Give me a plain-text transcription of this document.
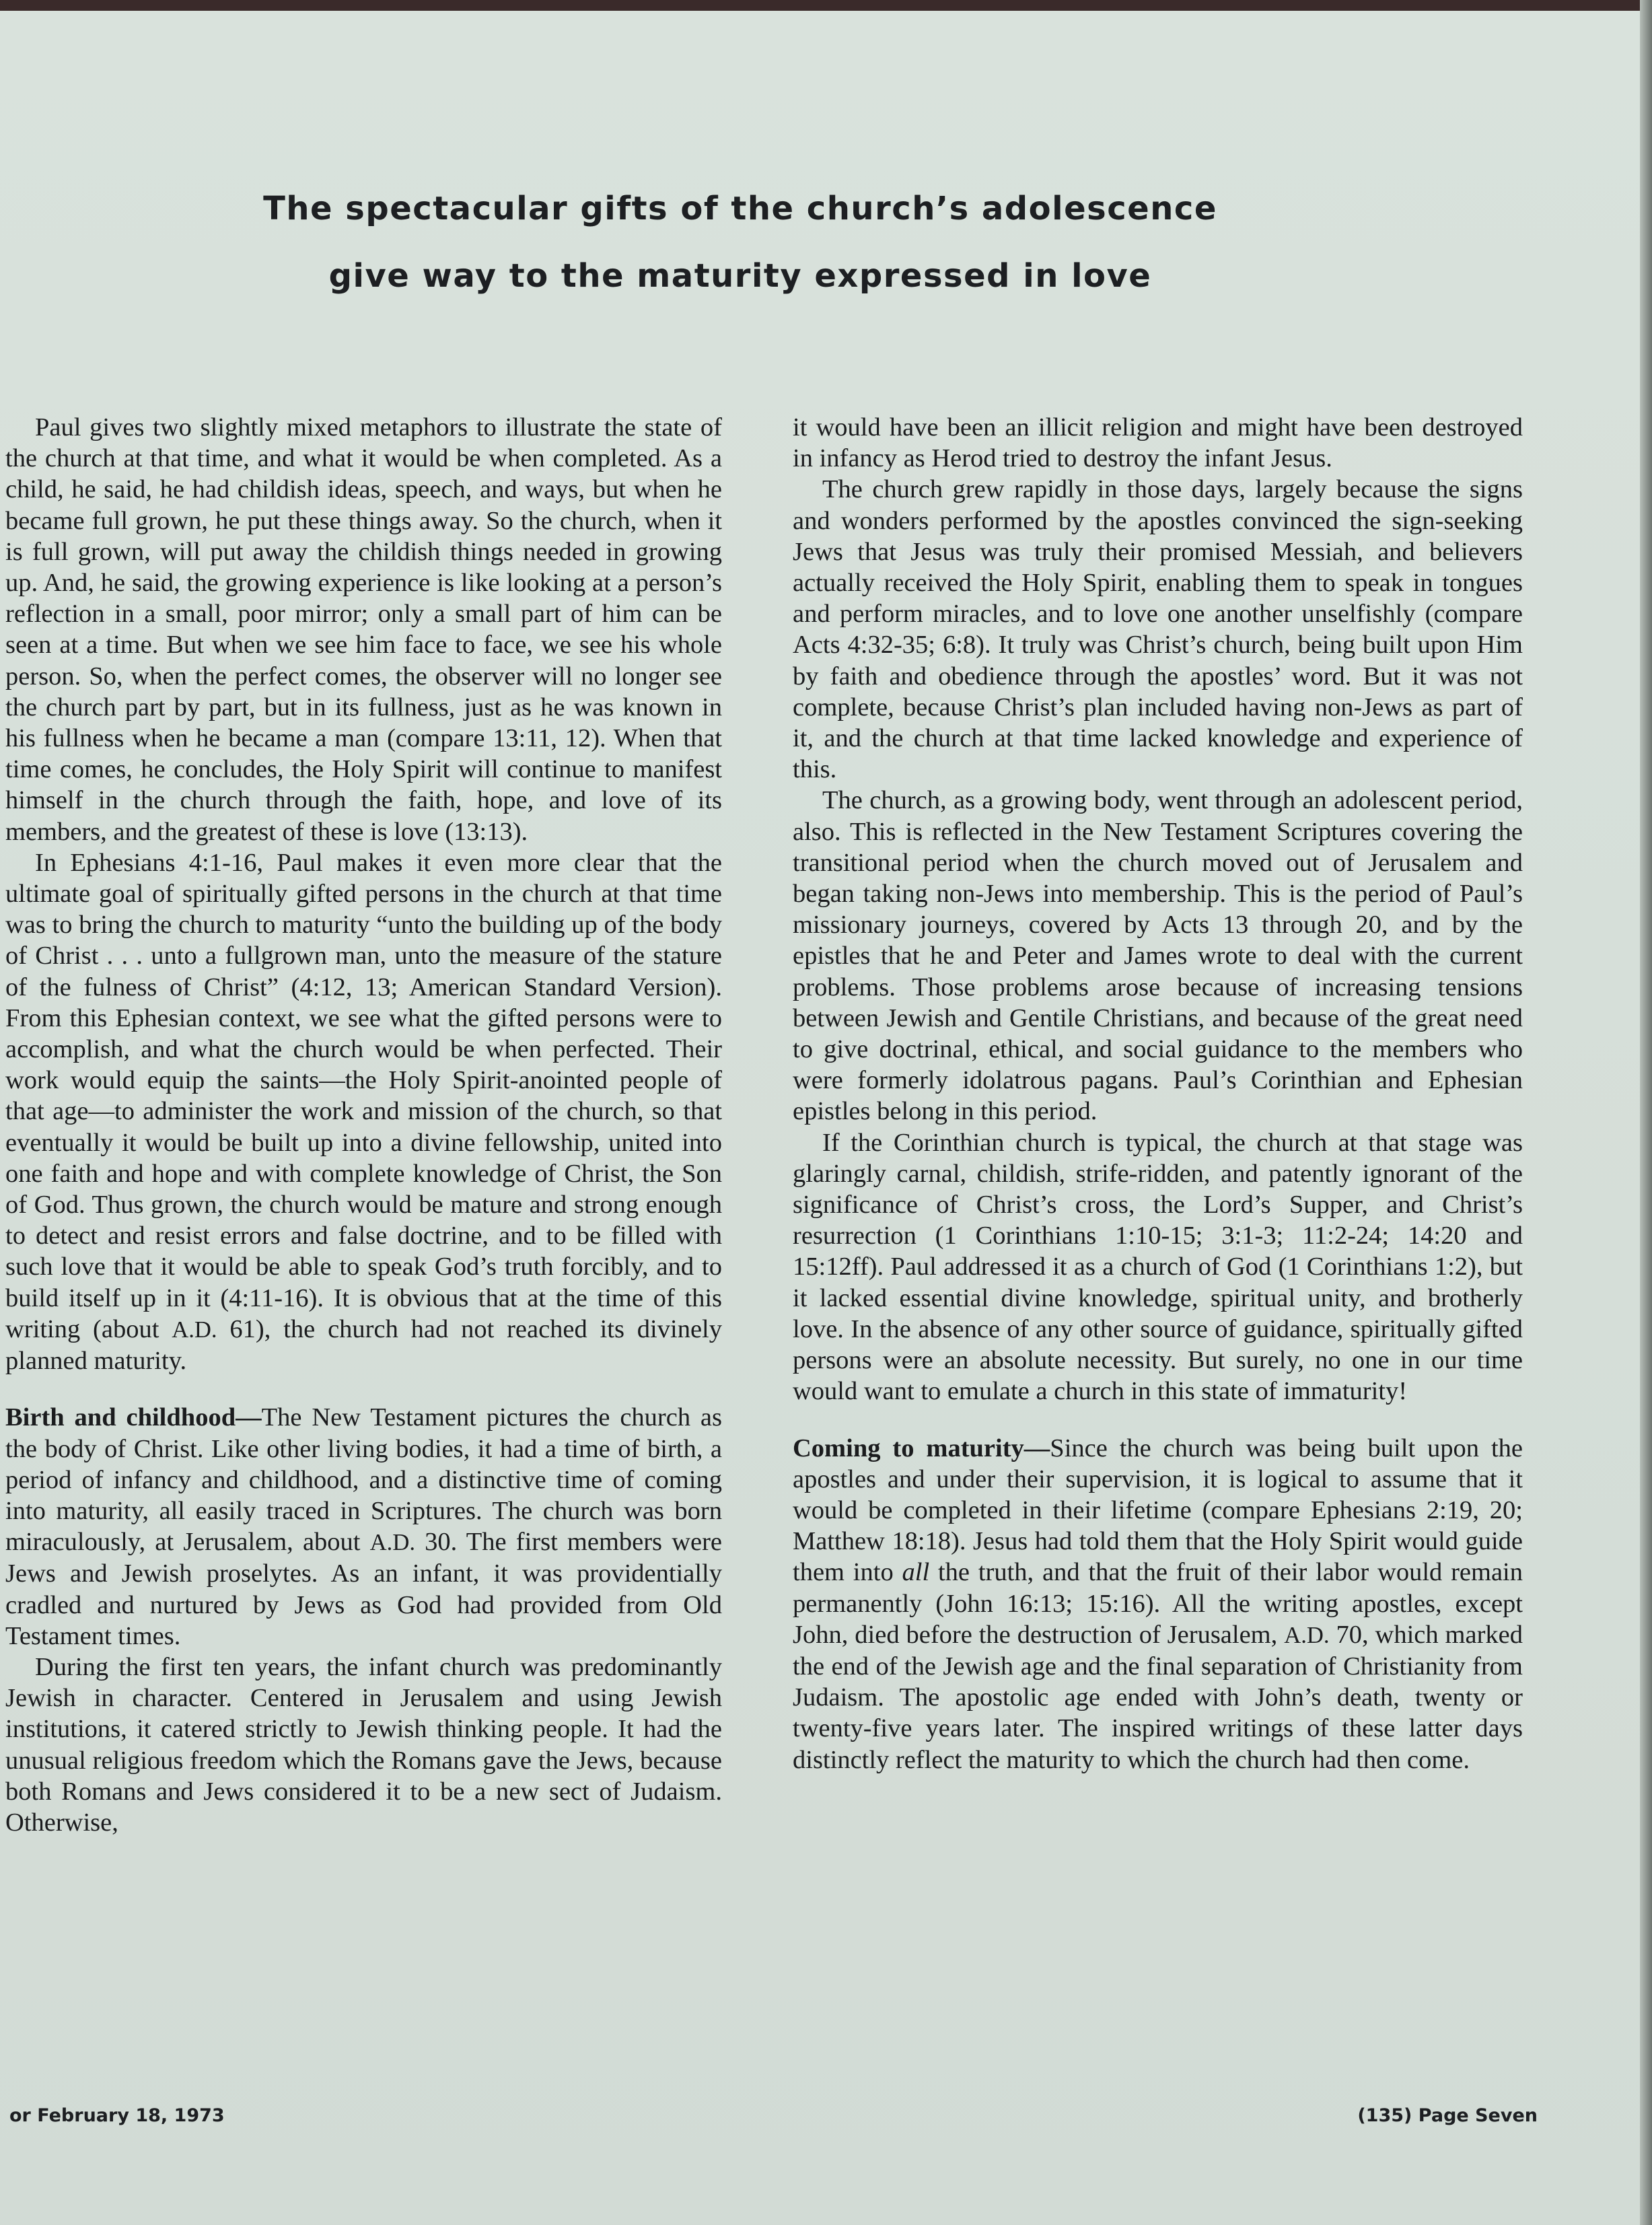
The spectacular gifts of the church’s adolescence
give way to the maturity expressed in love

Paul gives two slightly mixed metaphors to illustrate the state of the church at that time, and what it would be when completed. As a child, he said, he had childish ideas, speech, and ways, but when he became full grown, he put these things away. So the church, when it is full grown, will put away the childish things needed in growing up. And, he said, the growing experience is like looking at a person’s reflection in a small, poor mirror; only a small part of him can be seen at a time. But when we see him face to face, we see his whole person. So, when the perfect comes, the observer will no longer see the church part by part, but in its fullness, just as he was known in his fullness when he became a man (compare 13:11, 12). When that time comes, he concludes, the Holy Spirit will continue to manifest himself in the church through the faith, hope, and love of its members, and the greatest of these is love (13:13).

In Ephesians 4:1-16, Paul makes it even more clear that the ultimate goal of spiritually gifted persons in the church at that time was to bring the church to maturity “unto the building up of the body of Christ . . . unto a fullgrown man, unto the measure of the stature of the fulness of Christ” (4:12, 13; American Standard Version). From this Ephesian context, we see what the gifted persons were to accomplish, and what the church would be when perfected. Their work would equip the saints—the Holy Spirit-anointed people of that age—to administer the work and mission of the church, so that eventually it would be built up into a divine fellowship, united into one faith and hope and with complete knowledge of Christ, the Son of God. Thus grown, the church would be mature and strong enough to detect and resist errors and false doctrine, and to be filled with such love that it would be able to speak God’s truth forcibly, and to build itself up in it (4:11-16). It is obvious that at the time of this writing (about A.D. 61), the church had not reached its divinely planned maturity.

Birth and childhood—The New Testament pictures the church as the body of Christ. Like other living bodies, it had a time of birth, a period of infancy and childhood, and a distinctive time of coming into maturity, all easily traced in Scriptures. The church was born miraculously, at Jerusalem, about A.D. 30. The first members were Jews and Jewish proselytes. As an infant, it was providentially cradled and nurtured by Jews as God had provided from Old Testament times.

During the first ten years, the infant church was predominantly Jewish in character. Centered in Jerusalem and using Jewish institutions, it catered strictly to Jewish thinking people. It had the unusual religious freedom which the Romans gave the Jews, because both Romans and Jews considered it to be a new sect of Judaism. Otherwise,

it would have been an illicit religion and might have been destroyed in infancy as Herod tried to destroy the infant Jesus.

The church grew rapidly in those days, largely because the signs and wonders performed by the apostles convinced the sign-seeking Jews that Jesus was truly their promised Messiah, and believers actually received the Holy Spirit, enabling them to speak in tongues and perform miracles, and to love one another unselfishly (compare Acts 4:32-35; 6:8). It truly was Christ’s church, being built upon Him by faith and obedience through the apostles’ word. But it was not complete, because Christ’s plan included having non-Jews as part of it, and the church at that time lacked knowledge and experience of this.

The church, as a growing body, went through an adolescent period, also. This is reflected in the New Testament Scriptures covering the transitional period when the church moved out of Jerusalem and began taking non-Jews into membership. This is the period of Paul’s missionary journeys, covered by Acts 13 through 20, and by the epistles that he and Peter and James wrote to deal with the current problems. Those problems arose because of increasing tensions between Jewish and Gentile Christians, and because of the great need to give doctrinal, ethical, and social guidance to the members who were formerly idolatrous pagans. Paul’s Corinthian and Ephesian epistles belong in this period.

If the Corinthian church is typical, the church at that stage was glaringly carnal, childish, strife-ridden, and patently ignorant of the significance of Christ’s cross, the Lord’s Supper, and Christ’s resurrection (1 Corinthians 1:10-15; 3:1-3; 11:2-24; 14:20 and 15:12ff). Paul addressed it as a church of God (1 Corinthians 1:2), but it lacked essential divine knowledge, spiritual unity, and brotherly love. In the absence of any other source of guidance, spiritually gifted persons were an absolute necessity. But surely, no one in our time would want to emulate a church in this state of immaturity!

Coming to maturity—Since the church was being built upon the apostles and under their supervision, it is logical to assume that it would be completed in their lifetime (compare Ephesians 2:19, 20; Matthew 18:18). Jesus had told them that the Holy Spirit would guide them into all the truth, and that the fruit of their labor would remain permanently (John 16:13; 15:16). All the writing apostles, except John, died before the destruction of Jerusalem, A.D. 70, which marked the end of the Jewish age and the final separation of Christianity from Judaism. The apostolic age ended with John’s death, twenty or twenty-five years later. The inspired writings of these latter days distinctly reflect the maturity to which the church had then come.

or February 18, 1973	(135) Page Seven
